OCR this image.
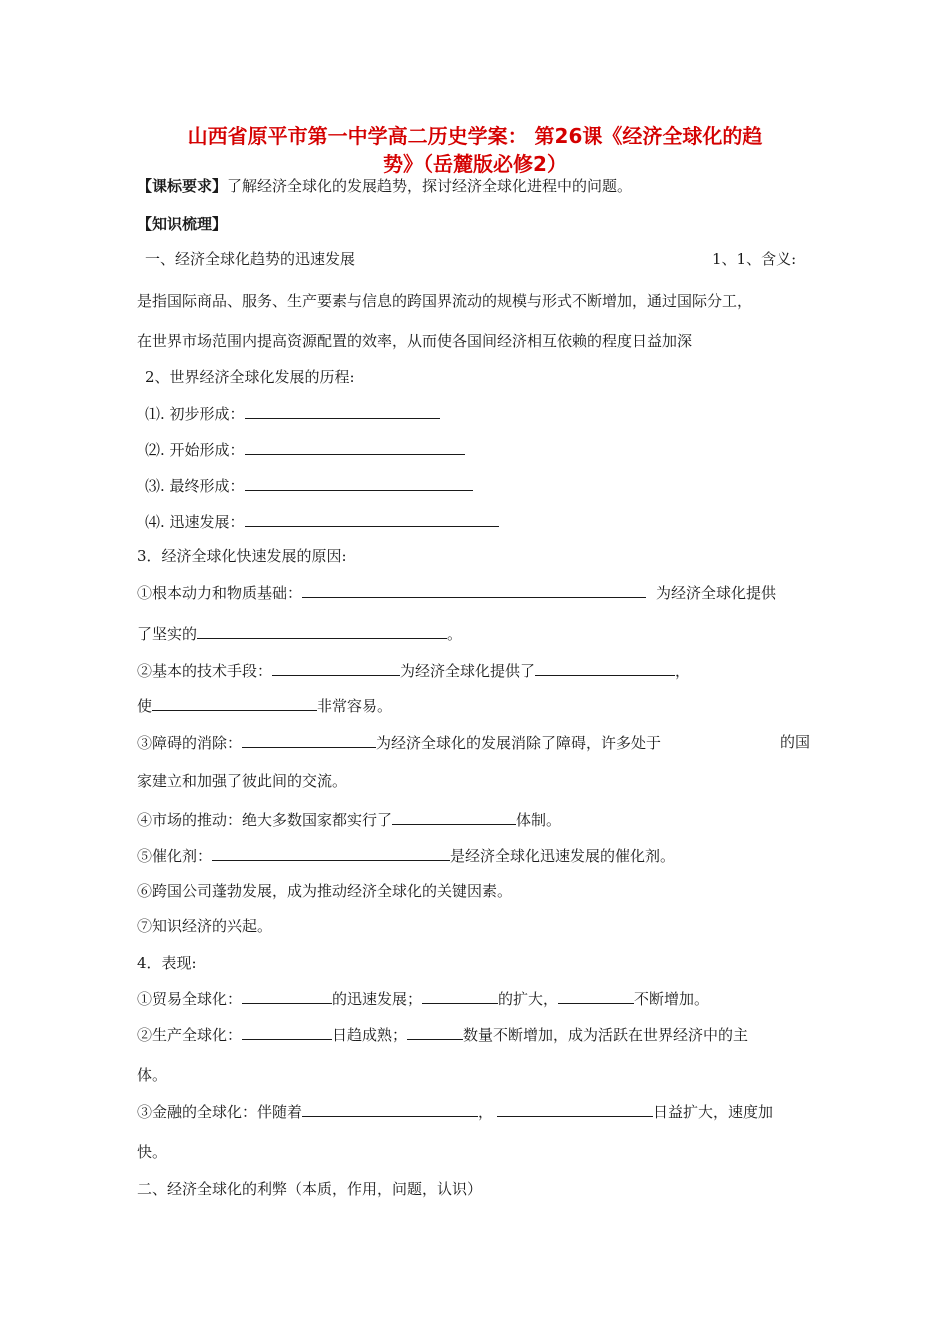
山西省原平市第一中学高二历史学案： 第26课《经济全球化的趋
势》（岳麓版必修2）
【课标要求】了解经济全球化的发展趋势，探讨经济全球化进程中的问题。
【知识梳理】
一、经济全球化趋势的迅速发展	1、1、含义:
是指国际商品、服务、生产要素与信息的跨国界流动的规模与形式不断增加，通过国际分工，
在世界市场范围内提高资源配置的效率，从而使各国间经济相互依赖的程度日益加深
2、世界经济全球化发展的历程:
⑴. 初步形成：
⑵. 开始形成：
⑶. 最终形成：
⑷. 迅速发展：
3．经济全球化快速发展的原因:
①根本动力和物质基础：	为经济全球化提供
了坚实的	。
②基本的技术手段：	为经济全球化提供了	，
使	非常容易。
③障碍的消除：	为经济全球化的发展消除了障碍，许多处于	的国
家建立和加强了彼此间的交流。
④市场的推动：绝大多数国家都实行了	体制。
⑤催化剂：	是经济全球化迅速发展的催化剂。
⑥跨国公司蓬勃发展，成为推动经济全球化的关键因素。
⑦知识经济的兴起。
4．表现:
①贸易全球化：	的迅速发展；	的扩大，	不断增加。
②生产全球化：	日趋成熟；	数量不断增加，成为活跃在世界经济中的主
体。
③金融的全球化：伴随着	，	日益扩大，速度加
快。
二、经济全球化的利弊（本质，作用，问题，认识）
